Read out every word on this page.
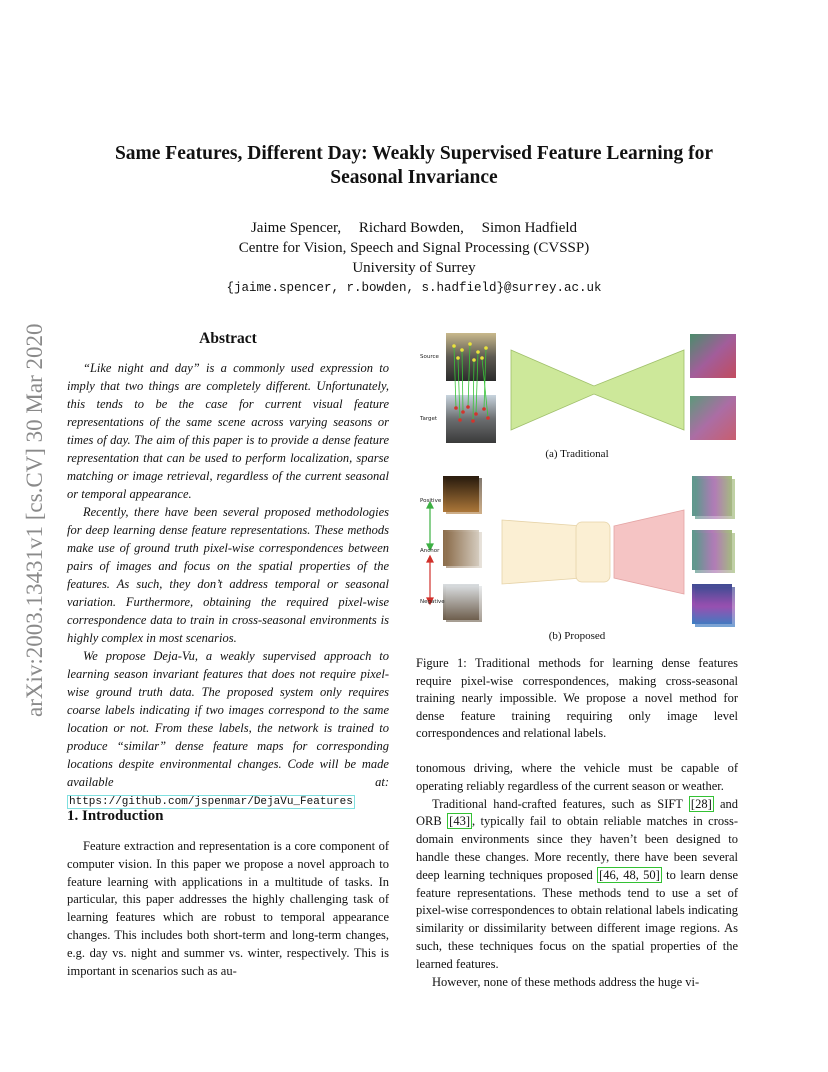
arXiv:2003.13431v1 [cs.CV] 30 Mar 2020
Same Features, Different Day: Weakly Supervised Feature Learning for
Seasonal Invariance
Jaime Spencer, Richard Bowden, Simon Hadfield
Centre for Vision, Speech and Signal Processing (CVSSP)
University of Surrey
{jaime.spencer, r.bowden, s.hadfield}@surrey.ac.uk
Abstract

“Like night and day” is a commonly used expression to imply that two things are completely different. Unfortunately, this tends to be the case for current visual feature representations of the same scene across varying seasons or times of day. The aim of this paper is to provide a dense feature representation that can be used to perform localization, sparse matching or image retrieval, regardless of the current seasonal or temporal appearance.

Recently, there have been several proposed methodologies for deep learning dense feature representations. These methods make use of ground truth pixel-wise correspondences between pairs of images and focus on the spatial properties of the features. As such, they don’t address temporal or seasonal variation. Furthermore, obtaining the required pixel-wise correspondence data to train in cross-seasonal environments is highly complex in most scenarios.

We propose Deja-Vu, a weakly supervised approach to learning season invariant features that does not require pixel-wise ground truth data. The proposed system only requires coarse labels indicating if two images correspond to the same location or not. From these labels, the network is trained to produce “similar” dense feature maps for corresponding locations despite environmental changes. Code will be made available at: https://github.com/jspenmar/DejaVu_Features

1. Introduction

Feature extraction and representation is a core component of computer vision. In this paper we propose a novel approach to feature learning with applications in a multitude of tasks. In particular, this paper addresses the highly challenging task of learning features which are robust to temporal appearance changes. This includes both short-term and long-term changes, e.g. day vs. night and summer vs. winter, respectively. This is important in scenarios such as au-

Source
Target
(a) Traditional
Positive
Anchor
Negative
(b) Proposed

Figure 1: Traditional methods for learning dense features require pixel-wise correspondences, making cross-seasonal training nearly impossible. We propose a novel method for dense feature training requiring only image level correspondences and relational labels.

tonomous driving, where the vehicle must be capable of operating reliably regardless of the current season or weather.

Traditional hand-crafted features, such as SIFT [28] and ORB [43] , typically fail to obtain reliable matches in cross-domain environments since they haven’t been designed to handle these changes. More recently, there have been several deep learning techniques proposed [46, 48, 50] to learn dense feature representations. These methods tend to use a set of pixel-wise correspondences to obtain relational labels indicating similarity or dissimilarity between different image regions. As such, these techniques focus on the spatial properties of the learned features.

However, none of these methods address the huge vi-
